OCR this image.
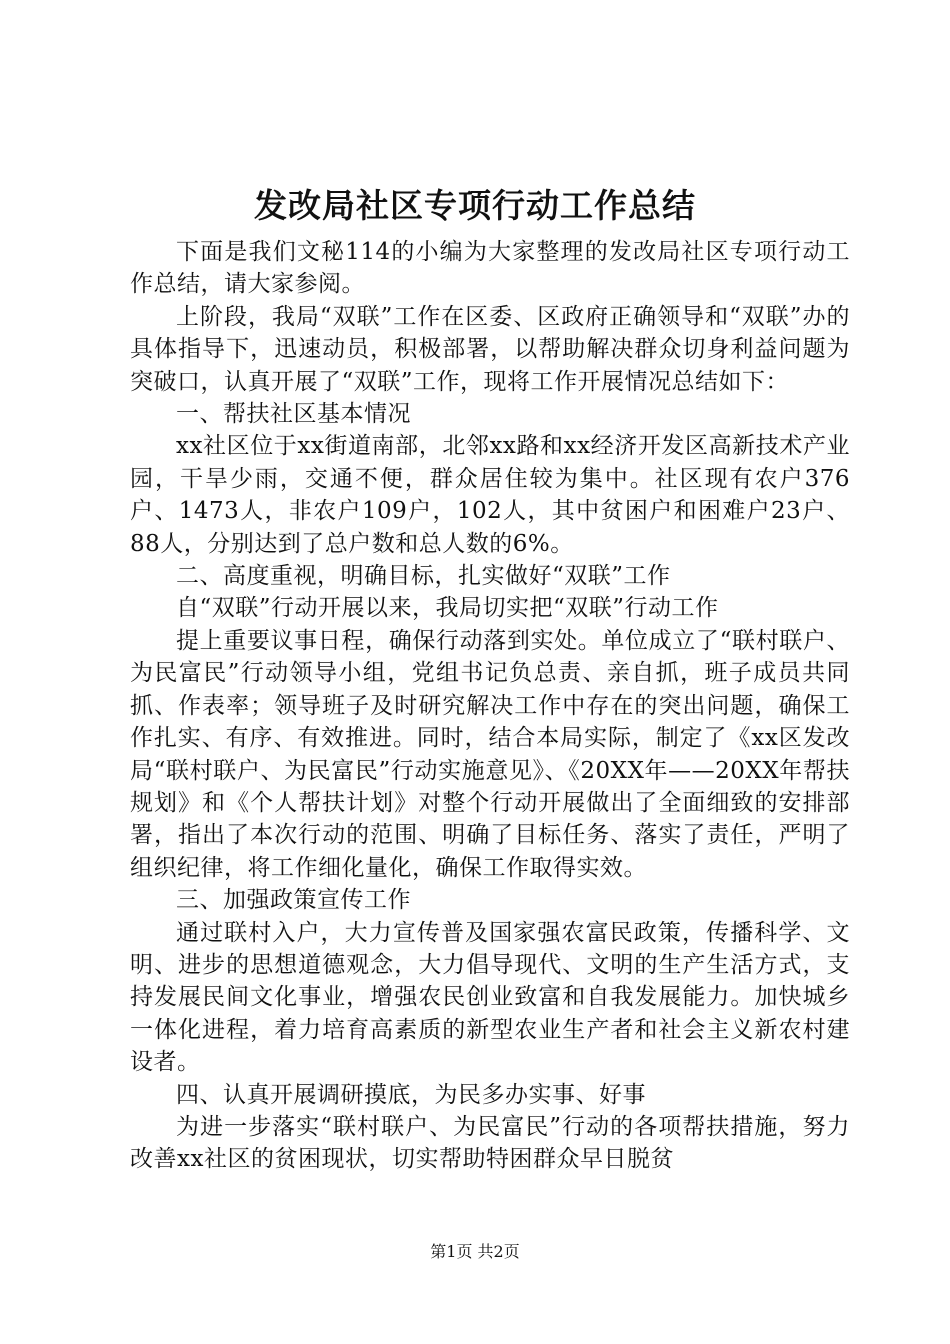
发改局社区专项行动工作总结

下面是我们文秘114的小编为大家整理的发改局社区专项行动工作总结，请大家参阅。

上阶段，我局“双联”工作在区委、区政府正确领导和“双联”办的具体指导下，迅速动员，积极部署，以帮助解决群众切身利益问题为突破口，认真开展了“双联”工作，现将工作开展情况总结如下：

一、帮扶社区基本情况

xx社区位于xx街道南部，北邻xx路和xx经济开发区高新技术产业园，干旱少雨，交通不便，群众居住较为集中。社区现有农户376户、1473人，非农户109户，102人，其中贫困户和困难户23户、88人，分别达到了总户数和总人数的6%。

二、高度重视，明确目标，扎实做好“双联”工作

自“双联”行动开展以来，我局切实把“双联”行动工作

提上重要议事日程，确保行动落到实处。单位成立了“联村联户、为民富民”行动领导小组，党组书记负总责、亲自抓，班子成员共同抓、作表率；领导班子及时研究解决工作中存在的突出问题，确保工作扎实、有序、有效推进。同时，结合本局实际，制定了《xx区发改局“联村联户、为民富民”行动实施意见》、《20XX年——20XX年帮扶规划》和《个人帮扶计划》对整个行动开展做出了全面细致的安排部署，指出了本次行动的范围、明确了目标任务、落实了责任，严明了组织纪律，将工作细化量化，确保工作取得实效。

三、加强政策宣传工作

通过联村入户，大力宣传普及国家强农富民政策，传播科学、文明、进步的思想道德观念，大力倡导现代、文明的生产生活方式，支持发展民间文化事业，增强农民创业致富和自我发展能力。加快城乡一体化进程，着力培育高素质的新型农业生产者和社会主义新农村建设者。

四、认真开展调研摸底，为民多办实事、好事

为进一步落实“联村联户、为民富民”行动的各项帮扶措施，努力改善xx社区的贫困现状，切实帮助特困群众早日脱贫

第1页 共2页
